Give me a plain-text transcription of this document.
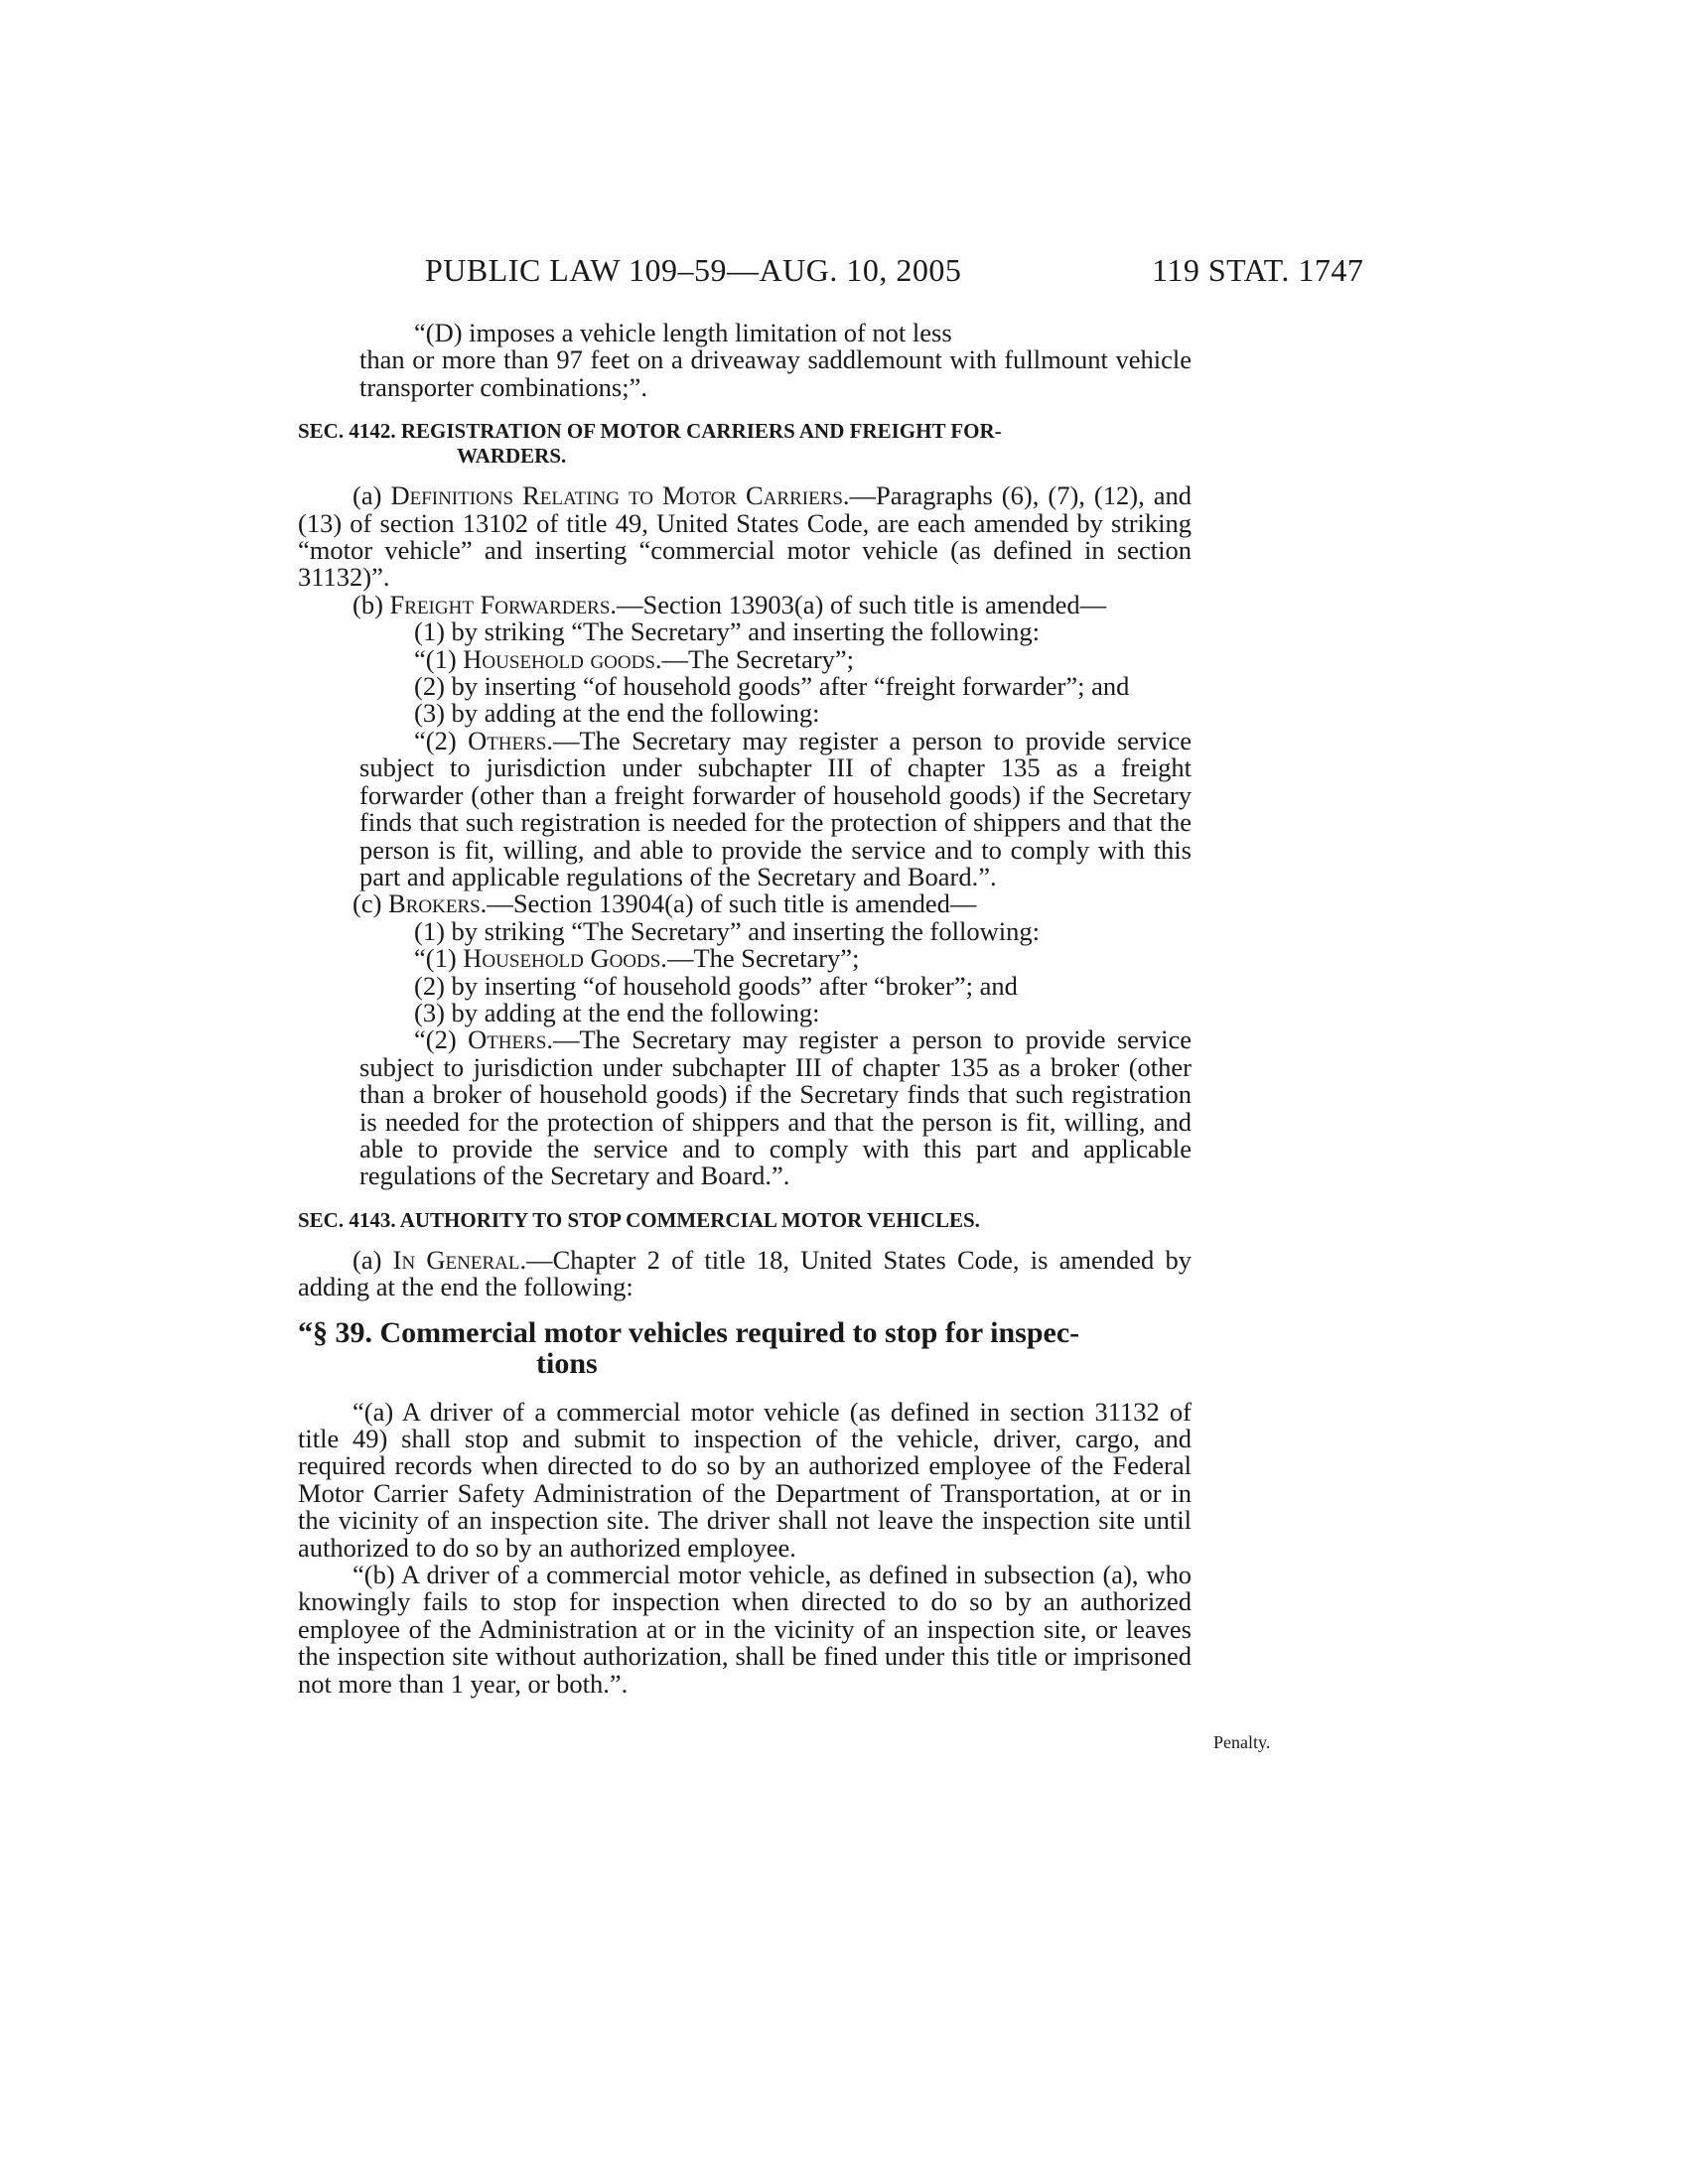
PUBLIC LAW 109–59—AUG. 10, 2005	119 STAT. 1747

“(D) imposes a vehicle length limitation of not less
than or more than 97 feet on a driveaway saddlemount with fullmount vehicle transporter combinations;”.

SEC. 4142. REGISTRATION OF MOTOR CARRIERS AND FREIGHT FOR-
WARDERS.

(a) Definitions Relating to Motor Carriers.—Paragraphs (6), (7), (12), and (13) of section 13102 of title 49, United States Code, are each amended by striking “motor vehicle” and inserting “commercial motor vehicle (as defined in section 31132)”.

(b) Freight Forwarders.—Section 13903(a) of such title is amended—

(1) by striking “The Secretary” and inserting the following:

“(1) Household goods.—The Secretary”;

(2) by inserting “of household goods” after “freight forwarder”; and

(3) by adding at the end the following:

“(2) Others.—The Secretary may register a person to provide service subject to jurisdiction under subchapter III of chapter 135 as a freight forwarder (other than a freight forwarder of household goods) if the Secretary finds that such registration is needed for the protection of shippers and that the person is fit, willing, and able to provide the service and to comply with this part and applicable regulations of the Secretary and Board.”.

(c) Brokers.—Section 13904(a) of such title is amended—

(1) by striking “The Secretary” and inserting the following:

“(1) Household Goods.—The Secretary”;

(2) by inserting “of household goods” after “broker”; and

(3) by adding at the end the following:

“(2) Others.—The Secretary may register a person to provide service subject to jurisdiction under subchapter III of chapter 135 as a broker (other than a broker of household goods) if the Secretary finds that such registration is needed for the protection of shippers and that the person is fit, willing, and able to provide the service and to comply with this part and applicable regulations of the Secretary and Board.”.

SEC. 4143. AUTHORITY TO STOP COMMERCIAL MOTOR VEHICLES.

(a) In General.—Chapter 2 of title 18, United States Code, is amended by adding at the end the following:

“§ 39. Commercial motor vehicles required to stop for inspec-
tions

“(a) A driver of a commercial motor vehicle (as defined in section 31132 of title 49) shall stop and submit to inspection of the vehicle, driver, cargo, and required records when directed to do so by an authorized employee of the Federal Motor Carrier Safety Administration of the Department of Transportation, at or in the vicinity of an inspection site. The driver shall not leave the inspection site until authorized to do so by an authorized employee.

“(b) A driver of a commercial motor vehicle, as defined in subsection (a), who knowingly fails to stop for inspection when directed to do so by an authorized employee of the Administration at or in the vicinity of an inspection site, or leaves the inspection site without authorization, shall be fined under this title or imprisoned not more than 1 year, or both.”.

Penalty.
